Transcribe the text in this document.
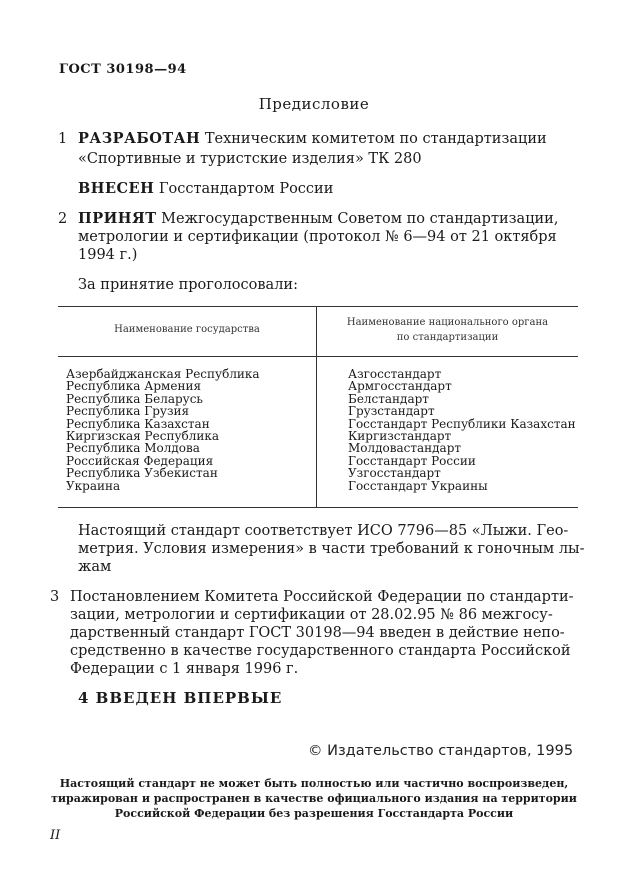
ГОСТ 30198—94
Предисловие
1 РАЗРАБОТАН Техническим комитетом по стандартизации
«Спортивные и туристские изделия» ТК 280
ВНЕСЕН Госстандартом России
2 ПРИНЯТ Межгосударственным Советом по стандартизации,
метрологии и сертификации (протокол № 6—94 от 21 октября
1994 г.)
За принятие проголосовали:
Наименование государства
Наименование национального органа
по стандартизации
Азербайджанская Республика
Республика Армения
Республика Беларусь
Республика Грузия
Республика Казахстан
Киргизская Республика
Республика Молдова
Российская Федерация
Республика Узбекистан
Украина
Азгосстандарт
Армгосстандарт
Белстандарт
Грузстандарт
Госстандарт Республики Казахстан
Киргизстандарт
Молдовастандарт
Госстандарт России
Узгосстандарт
Госстандарт Украины
Настоящий стандарт соответствует ИСО 7796—85 «Лыжи. Гео-
метрия. Условия измерения» в части требований к гоночным лы-
жам
3 Постановлением Комитета Российской Федерации по стандарти-
зации, метрологии и сертификации от 28.02.95 № 86 межгосу-
дарственный стандарт ГОСТ 30198—94 введен в действие непо-
средственно в качестве государственного стандарта Российской
Федерации с 1 января 1996 г.
4 ВВЕДЕН ВПЕРВЫЕ
© Издательство стандартов, 1995
Настоящий стандарт не может быть полностью или частично воспроизведен,
тиражирован и распространен в качестве официального издания на территории
Российской Федерации без разрешения Госстандарта России
II
